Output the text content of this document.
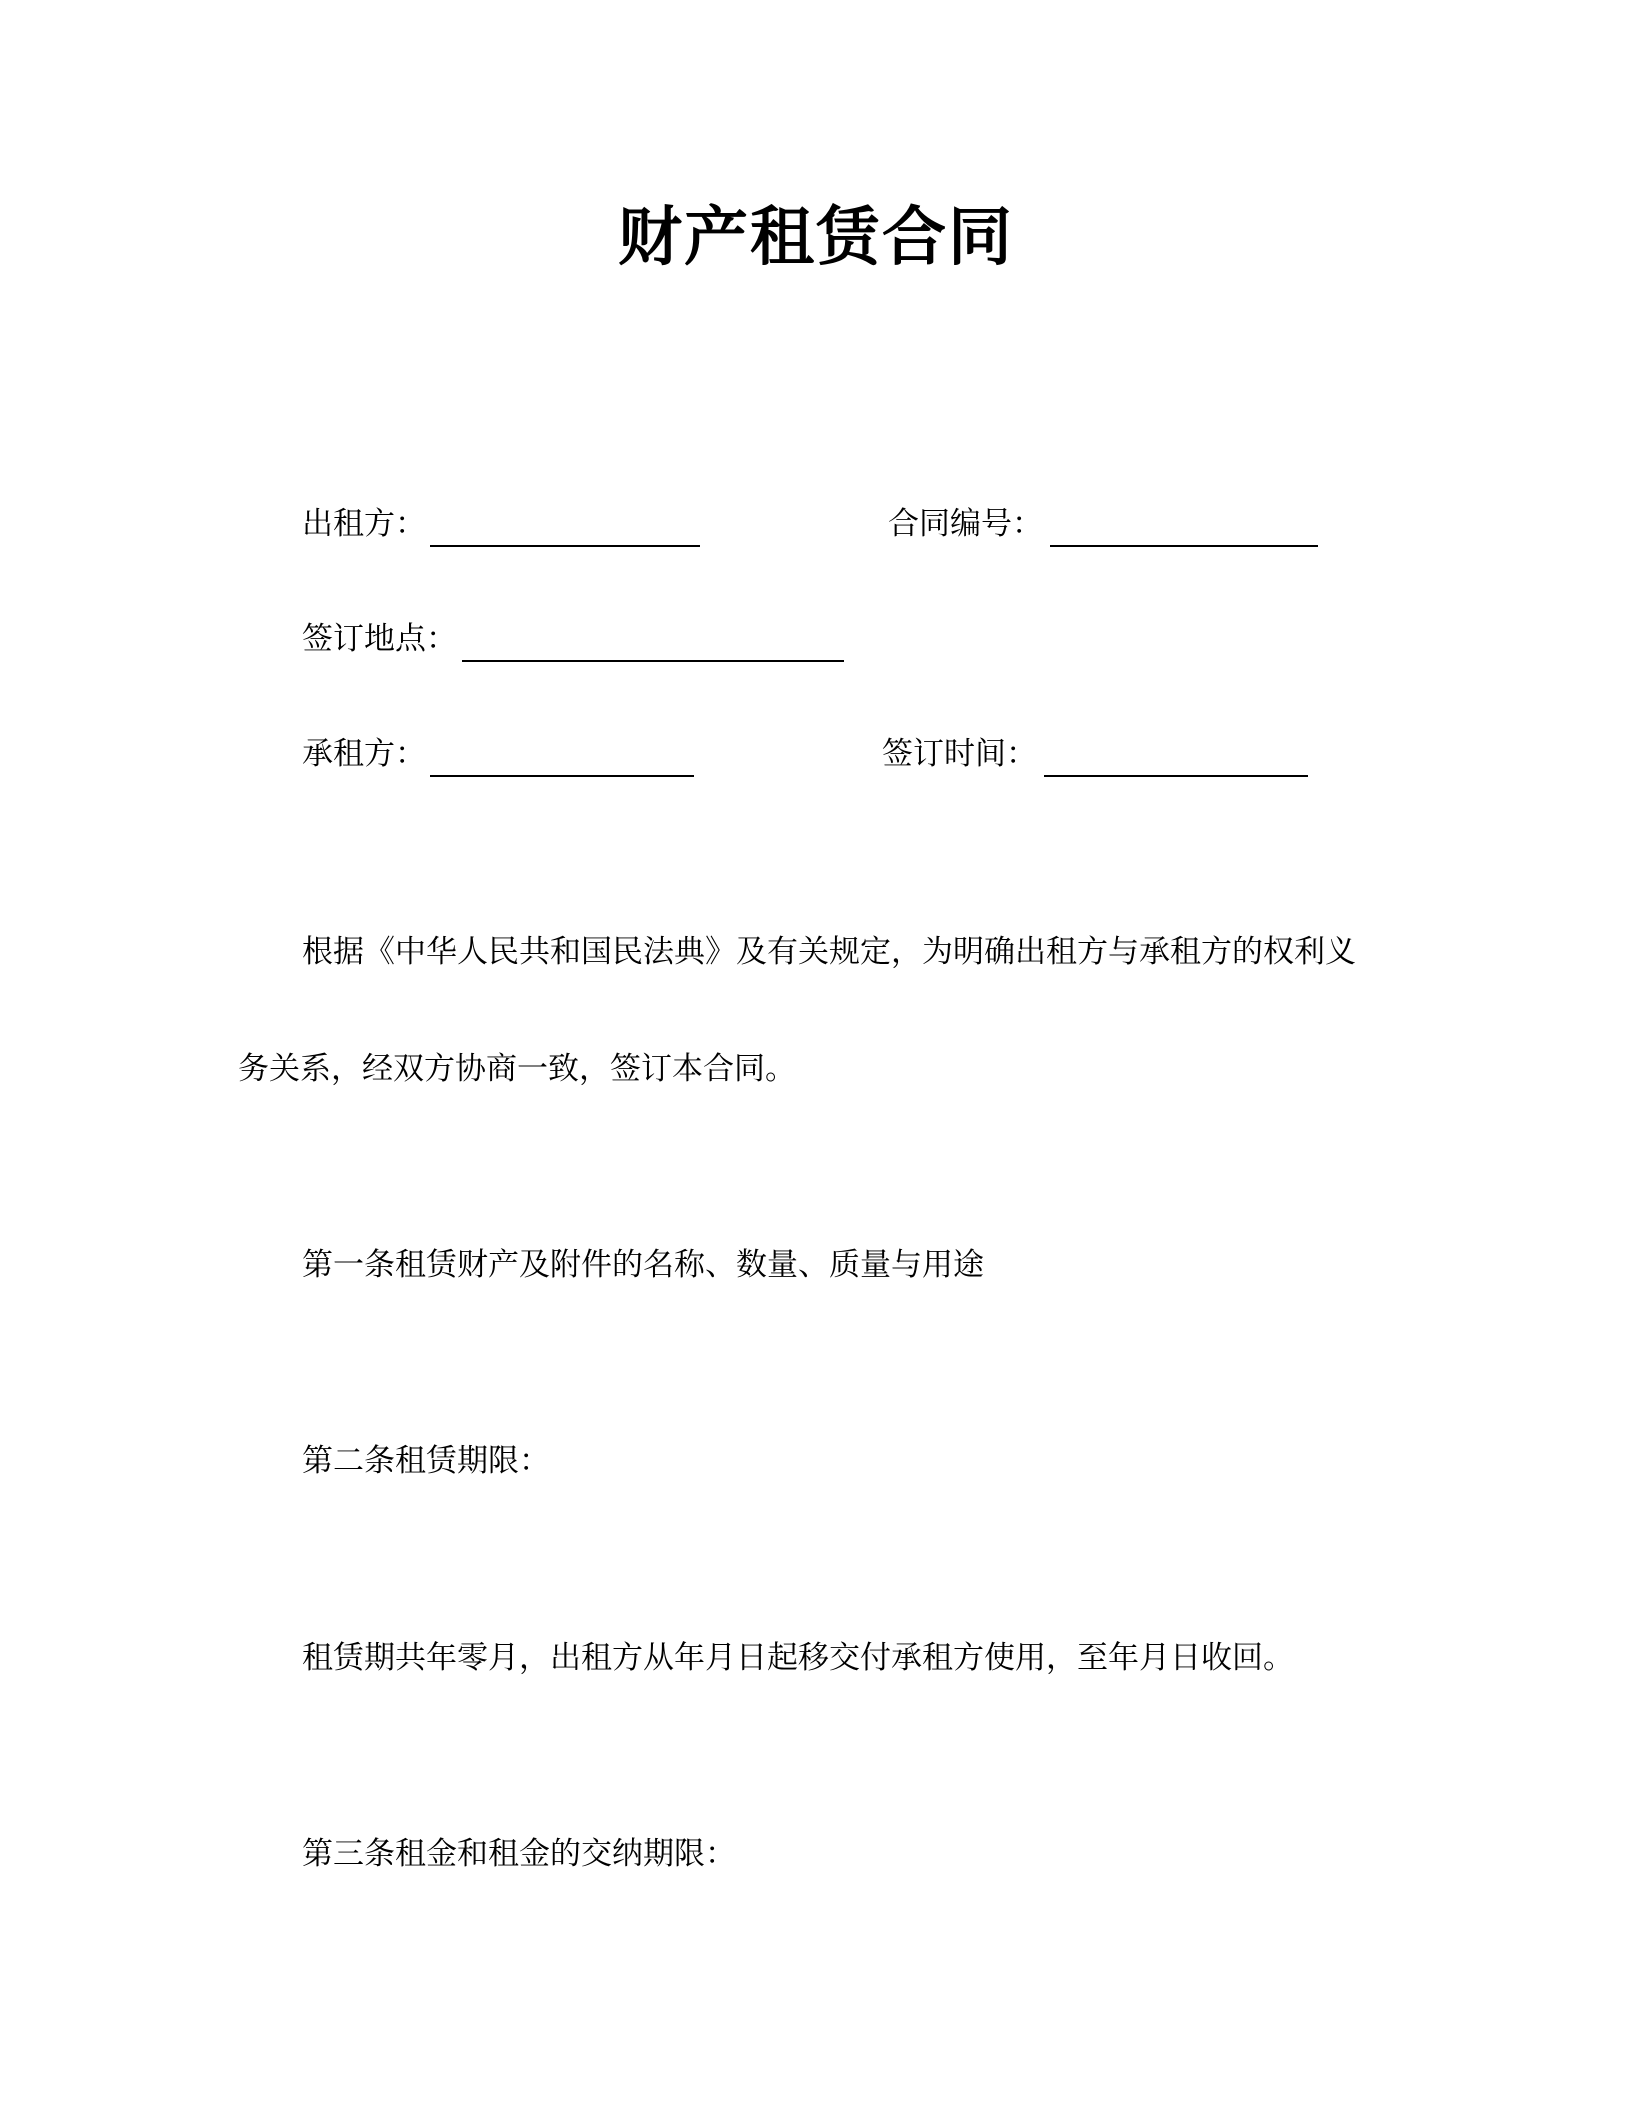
财产租赁合同
出租方：	合同编号：
签订地点：
承租方：	签订时间：
根据《中华人民共和国民法典》及有关规定，为明确出租方与承租方的权利义
务关系，经双方协商一致，签订本合同。
第一条租赁财产及附件的名称、数量、质量与用途
第二条租赁期限：
租赁期共年零月，出租方从年月日起移交付承租方使用，至年月日收回。
第三条租金和租金的交纳期限：
